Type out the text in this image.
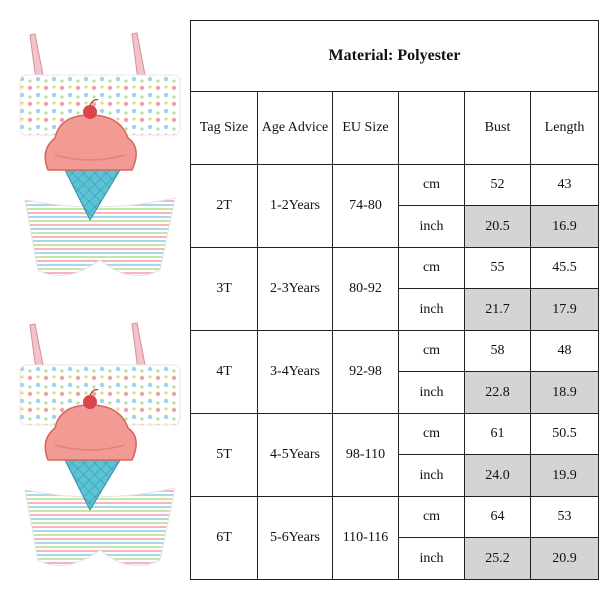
Material: Polyester					
Tag Size	Age Advice	EU Size		Bust	Length
2T	1-2Years	74-80	cm	52	43
			inch	20.5	16.9
3T	2-3Years	80-92	cm	55	45.5
			inch	21.7	17.9
4T	3-4Years	92-98	cm	58	48
			inch	22.8	18.9
5T	4-5Years	98-110	cm	61	50.5
			inch	24.0	19.9
6T	5-6Years	110-116	cm	64	53
			inch	25.2	20.9
